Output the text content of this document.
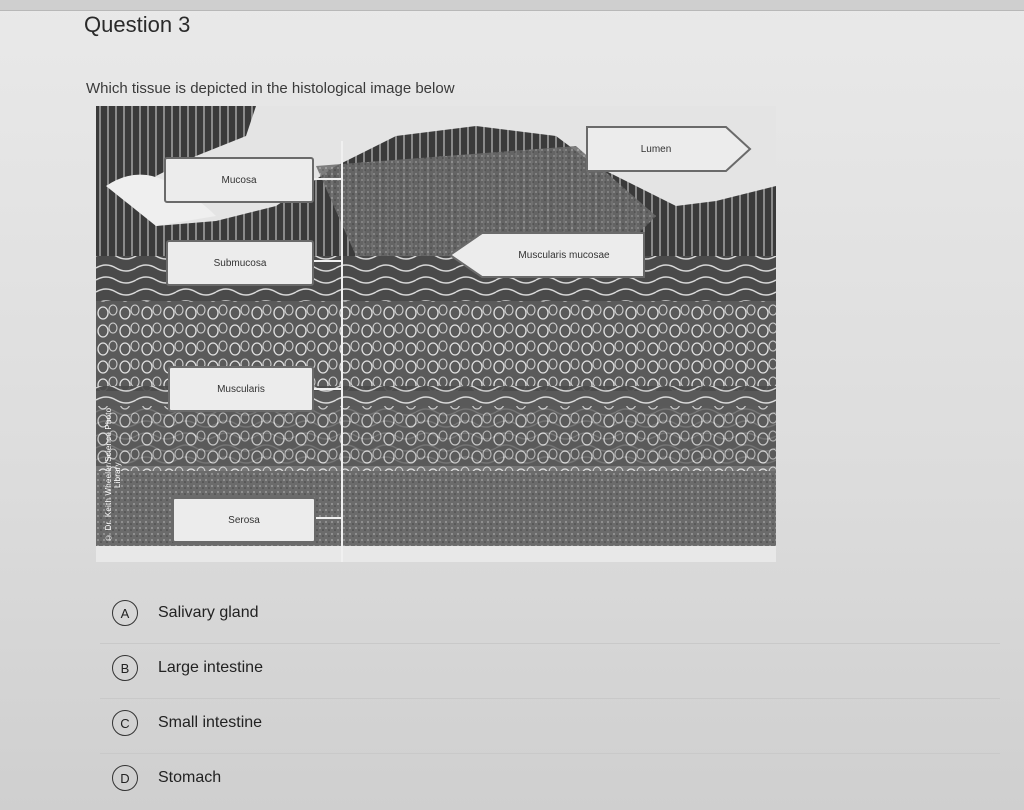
Question 3
Which tissue is depicted in the histological image below
© Dr. Keith Wheeler/Science Photo Library
Mucosa
Submucosa
Muscularis
Serosa
Lumen
Muscularis mucosae
A	Salivary gland
B	Large intestine
C	Small intestine
D	Stomach
